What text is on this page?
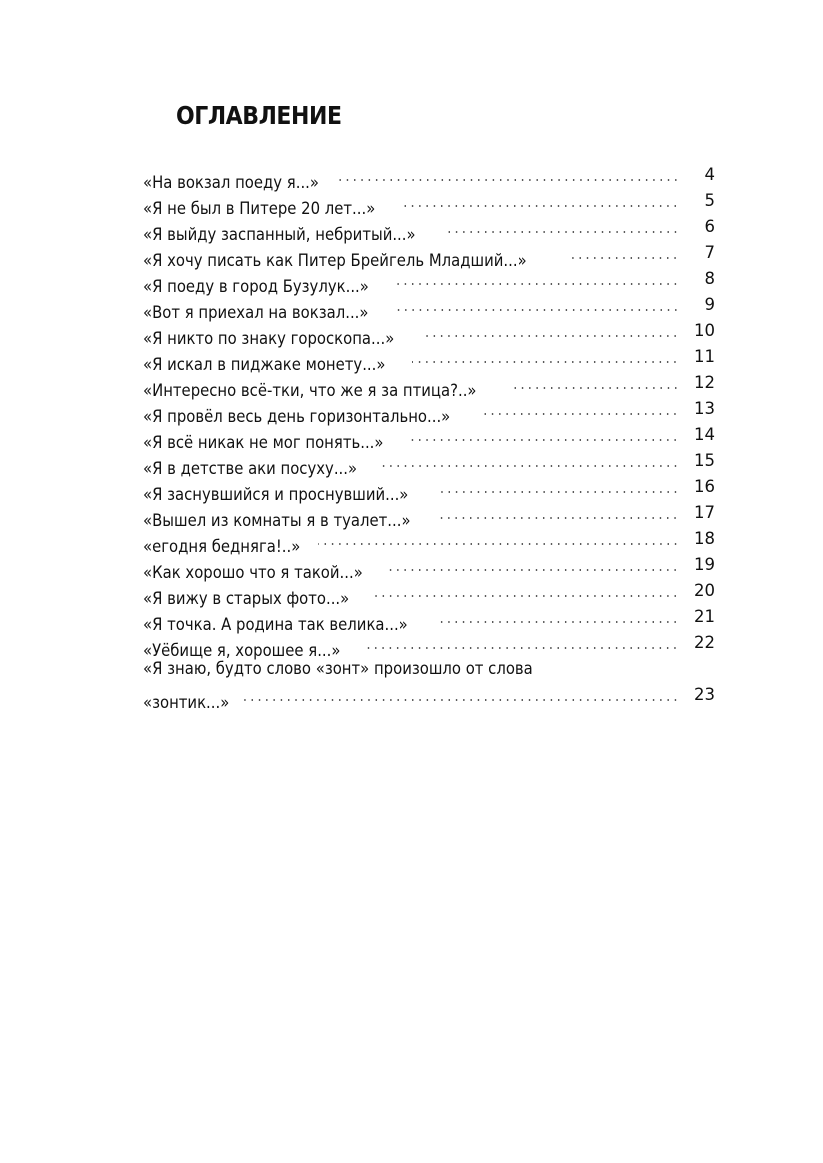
ОГЛАВЛЕНИЕ
«На вокзал поеду я...»	4
«Я не был в Питере 20 лет...»	5
«Я выйду заспанный, небритый...»	6
«Я хочу писать как Питер Брейгель Младший...»	7
«Я поеду в город Бузулук...»	8
«Вот я приехал на вокзал...»	9
«Я никто по знаку гороскопа...»	10
«Я искал в пиджаке монету...»	11
«Интересно всё-тки, что же я за птица?..»	12
«Я провёл весь день горизонтально...»	13
«Я всё никак не мог понять...»	14
«Я в детстве аки посуху...»	15
«Я заснувшийся и проснувший...»	16
«Вышел из комнаты я в туалет...»	17
«егодня бедняга!..»	18
«Как хорошо что я такой...»	19
«Я вижу в старых фото...»	20
«Я точка. А родина так велика...»	21
«Уёбище я, хорошее я...»	22
«Я знаю, будто слово «зонт» произошло от слова
«зонтик...»	23
